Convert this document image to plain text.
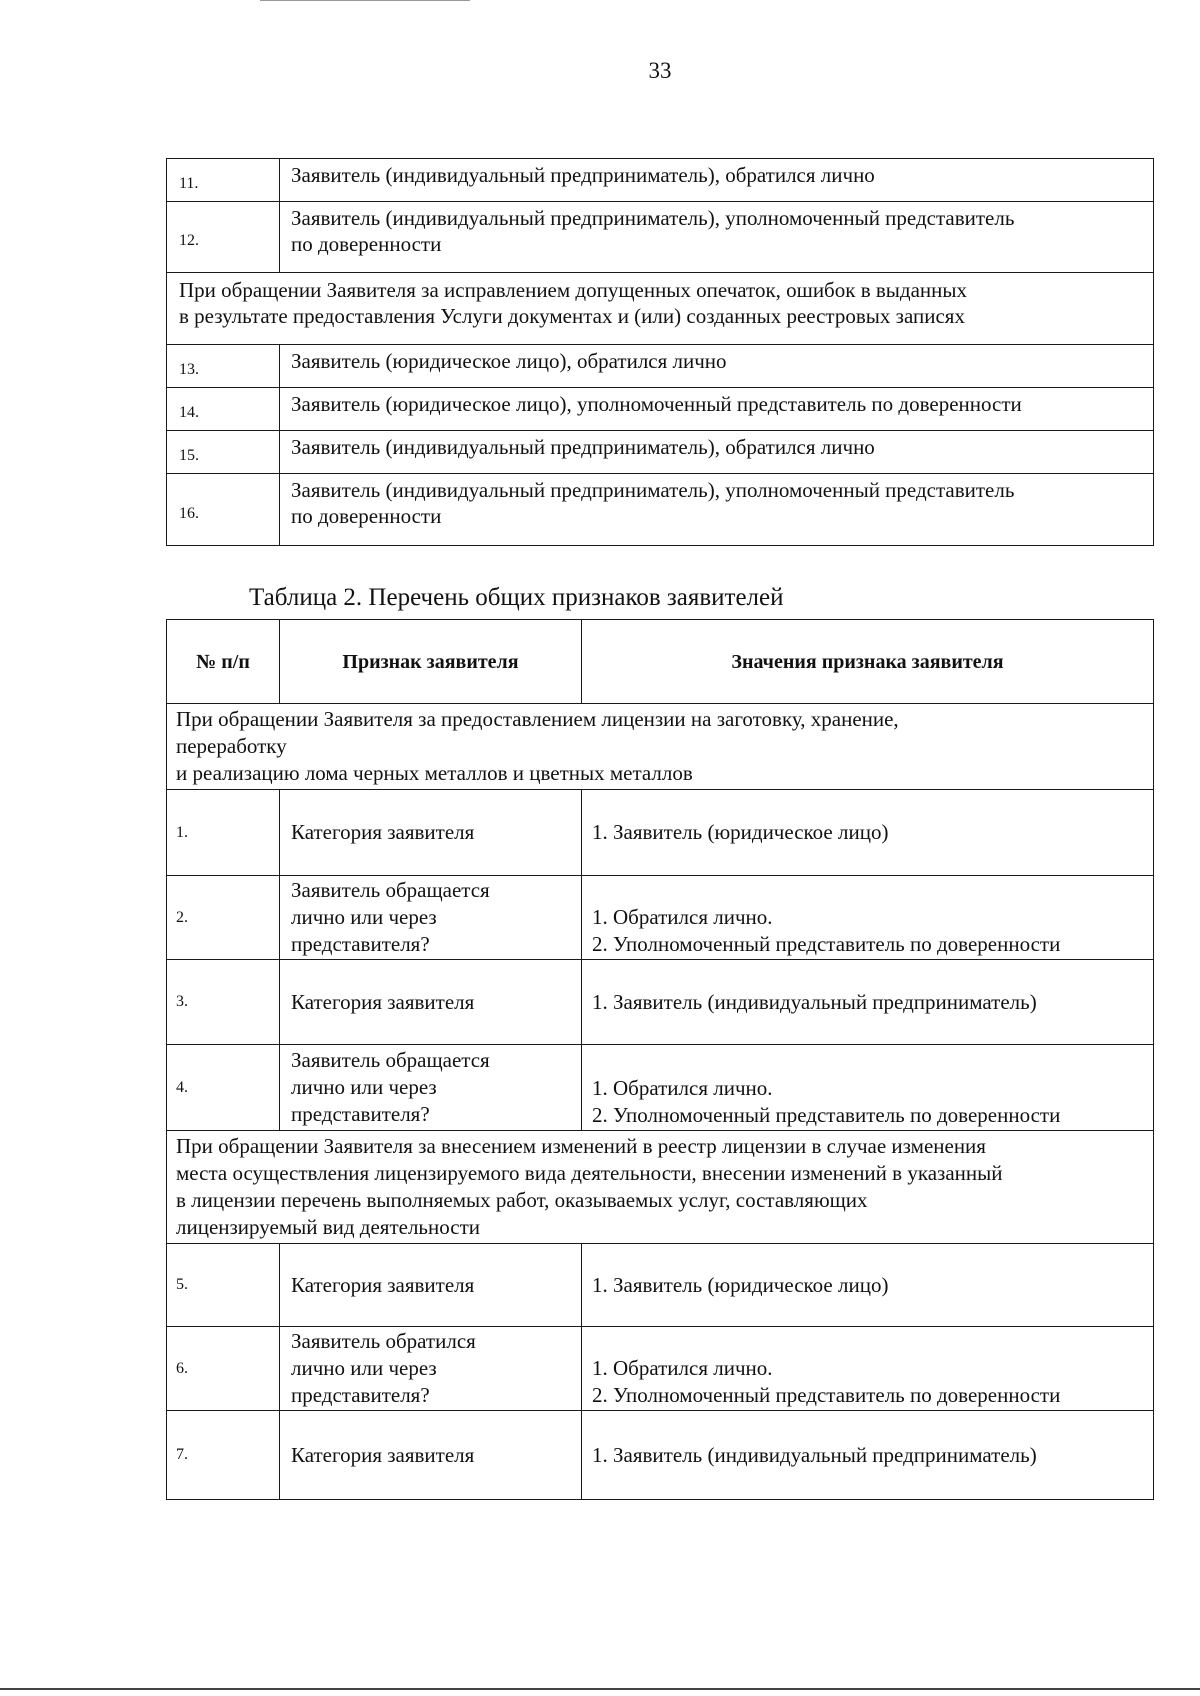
33
11.	Заявитель (индивидуальный предприниматель), обратился лично

12.	Заявитель (индивидуальный предприниматель), уполномоченный представитель
по доверенности

При обращении Заявителя за исправлением допущенных опечаток, ошибок в выданных
в результате предоставления Услуги документах и (или) созданных реестровых записях	

13.	Заявитель (юридическое лицо), обратился лично

14.	Заявитель (юридическое лицо), уполномоченный представитель по доверенности

15.	Заявитель (индивидуальный предприниматель), обратился лично

16.	Заявитель (индивидуальный предприниматель), уполномоченный представитель
по доверенности
Таблица 2. Перечень общих признаков заявителей
№ п/п	Признак заявителя	Значения признака заявителя

При обращении Заявителя за предоставлением лицензии на заготовку, хранение,
переработку
и реализацию лома черных металлов и цветных металлов		

1.	Категория заявителя	1. Заявитель (юридическое лицо)

2.	Заявитель обращается
лично или через
представителя?	1. Обратился лично.
2. Уполномоченный представитель по доверенности

3.	Категория заявителя	1. Заявитель (индивидуальный предприниматель)

4.	Заявитель обращается
лично или через
представителя?	1. Обратился лично.
2. Уполномоченный представитель по доверенности

При обращении Заявителя за внесением изменений в реестр лицензии в случае изменения
места осуществления лицензируемого вида деятельности, внесении изменений в указанный
в лицензии перечень выполняемых работ, оказываемых услуг, составляющих
лицензируемый вид деятельности		

5.	Категория заявителя	1. Заявитель (юридическое лицо)

6.	Заявитель обратился
лично или через
представителя?	1. Обратился лично.
2. Уполномоченный представитель по доверенности

7.	Категория заявителя	1. Заявитель (индивидуальный предприниматель)
